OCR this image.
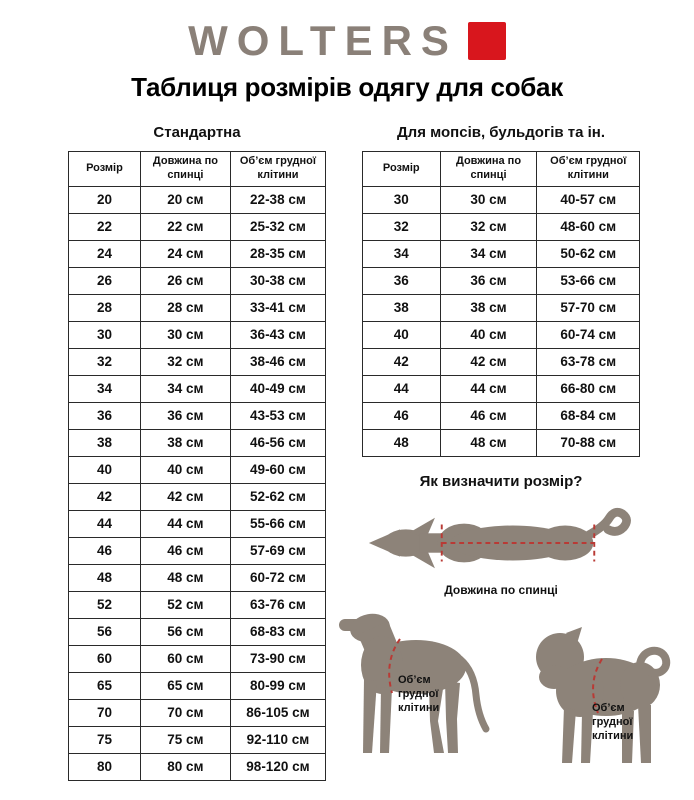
WOLTERS
Таблиця розмірів одягу для собак
Стандартна
Розмір	Довжина по спинці	Об’єм грудної клітини
20	20 см	22-38 см
22	22 см	25-32 см
24	24 см	28-35 см
26	26 см	30-38 см
28	28 см	33-41 см
30	30 см	36-43 см
32	32 см	38-46 см
34	34 см	40-49 см
36	36 см	43-53 см
38	38 см	46-56 см
40	40 см	49-60 см
42	42 см	52-62 см
44	44 см	55-66 см
46	46 см	57-69 см
48	48 см	60-72 см
52	52 см	63-76 см
56	56 см	68-83 см
60	60 см	73-90 см
65	65 см	80-99 см
70	70 см	86-105 см
75	75 см	92-110 см
80	80 см	98-120 см
Для мопсів, бульдогів та ін.
Розмір	Довжина по спинці	Об’єм грудної клітини
30	30 см	40-57 см
32	32 см	48-60 см
34	34 см	50-62 см
36	36 см	53-66 см
38	38 см	57-70 см
40	40 см	60-74 см
42	42 см	63-78 см
44	44 см	66-80 см
46	46 см	68-84 см
48	48 см	70-88 см
Як визначити розмір?
Довжина по спинці
Об’єм
грудної
клітини	Об’єм
грудної
клітини
